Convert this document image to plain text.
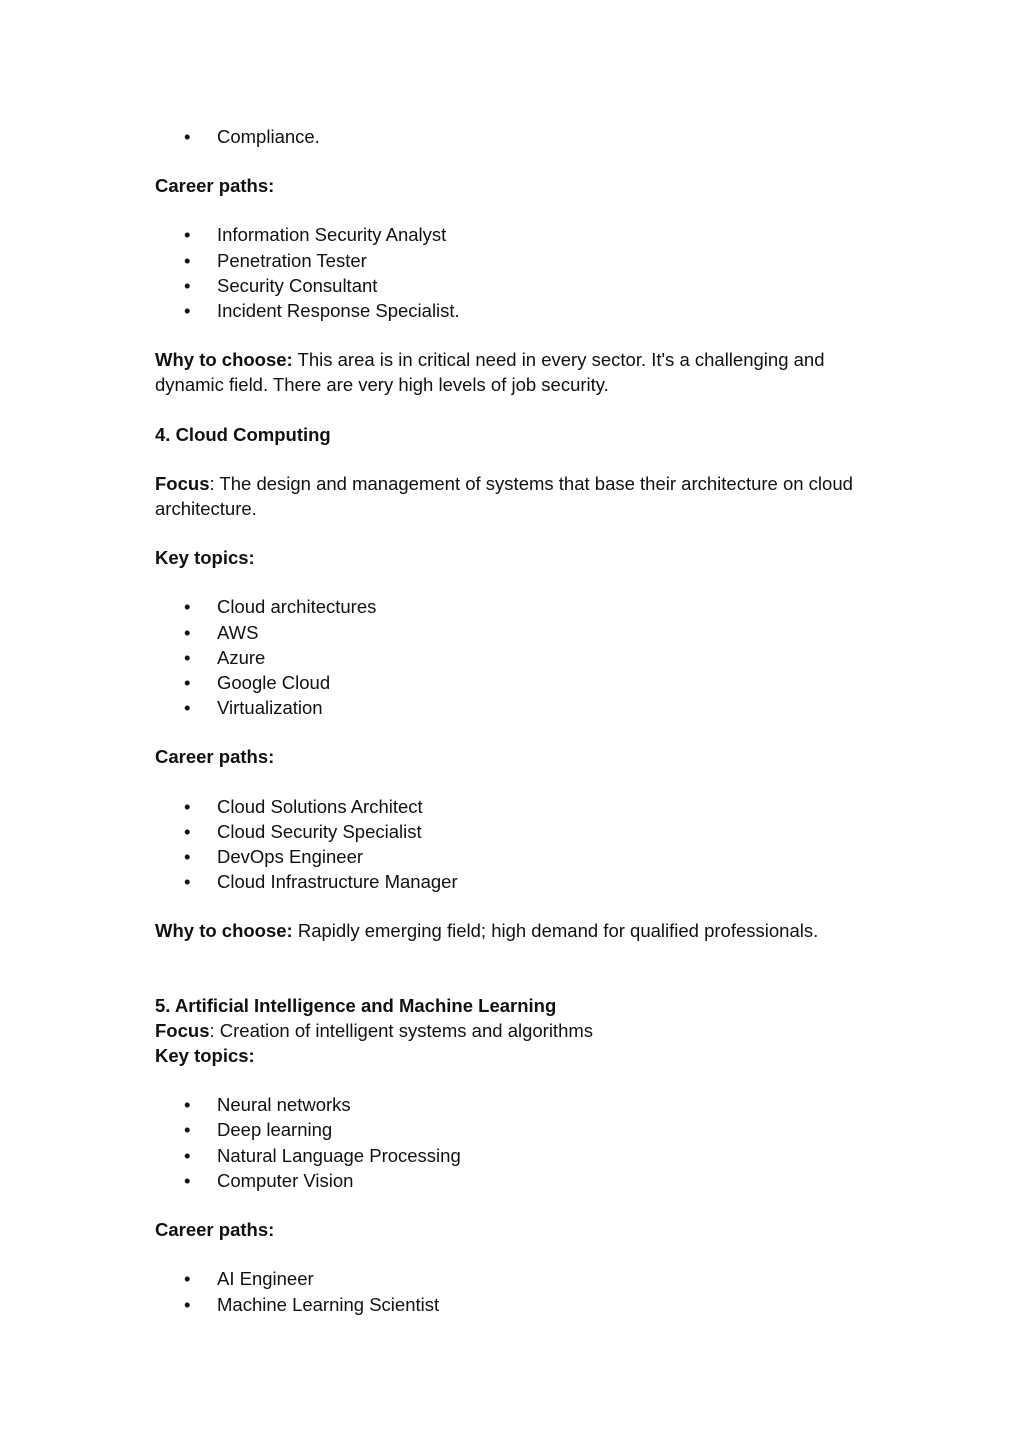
• Compliance.

Career paths:

• Information Security Analyst
• Penetration Tester
• Security Consultant
• Incident Response Specialist.

Why to choose: This area is in critical need in every sector. It's a challenging and dynamic field. There are very high levels of job security.

4. Cloud Computing

Focus: The design and management of systems that base their architecture on cloud architecture.

Key topics:

• Cloud architectures
• AWS
• Azure
• Google Cloud
• Virtualization

Career paths:

• Cloud Solutions Architect
• Cloud Security Specialist
• DevOps Engineer
• Cloud Infrastructure Manager

Why to choose: Rapidly emerging field; high demand for qualified professionals.

5. Artificial Intelligence and Machine Learning

Focus: Creation of intelligent systems and algorithms

Key topics:

• Neural networks
• Deep learning
• Natural Language Processing
• Computer Vision

Career paths:

• AI Engineer
• Machine Learning Scientist
